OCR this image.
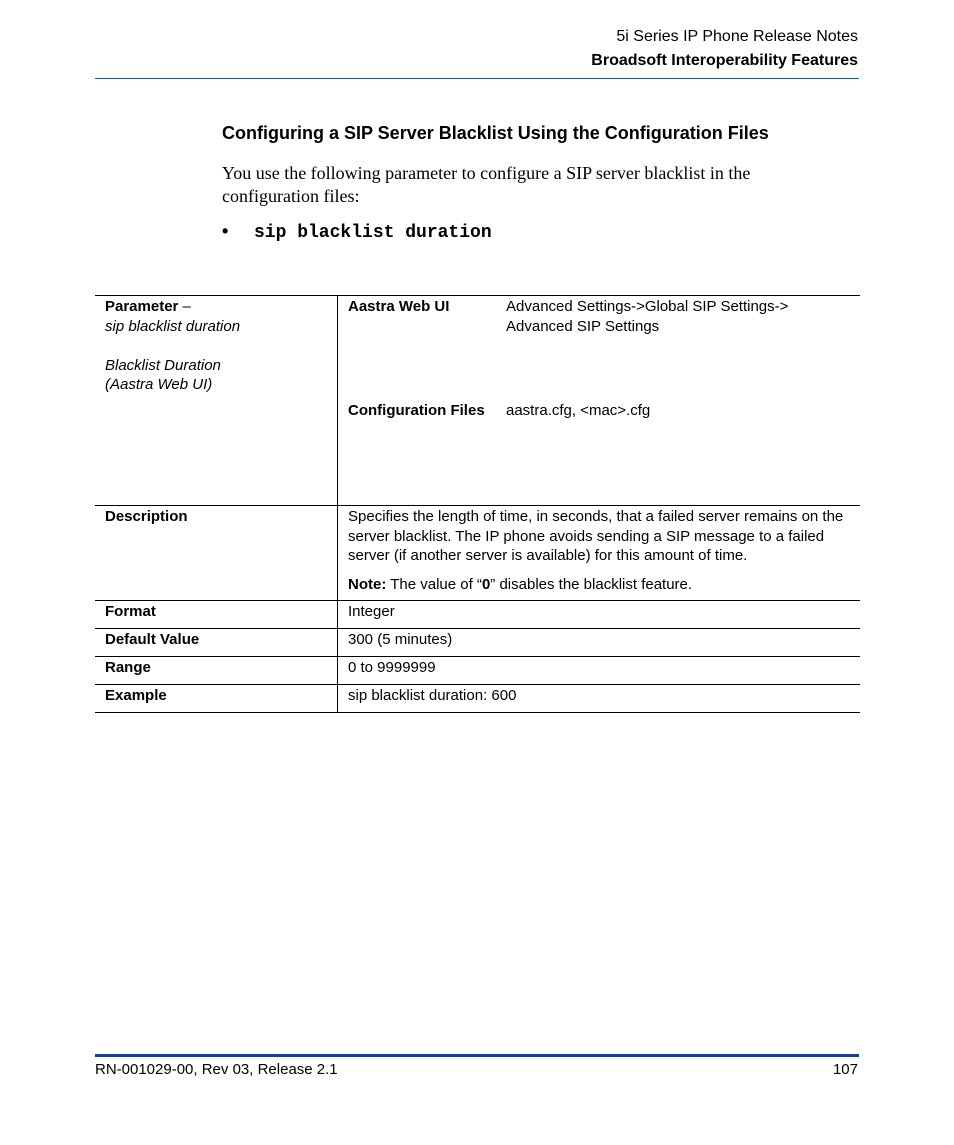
5i Series IP Phone Release Notes
Broadsoft Interoperability Features
Configuring a SIP Server Blacklist Using the Configuration Files

You use the following parameter to configure a SIP server blacklist in the configuration files:

• sip blacklist duration
Parameter –
sip blacklist duration
Blacklist Duration
(Aastra Web UI)

Aastra Web UI	Advanced Settings->Global SIP Settings->
Advanced SIP Settings

Configuration Files	aastra.cfg, <mac>.cfg

Description	Specifies the length of time, in seconds, that a failed server remains on the server blacklist. The IP phone avoids sending a SIP message to a failed server (if another server is available) for this amount of time.
Note: The value of “0” disables the blacklist feature.

Format	Integer
Default Value	300 (5 minutes)
Range	0 to 9999999
Example	sip blacklist duration: 600
RN-001029-00, Rev 03, Release 2.1	107
